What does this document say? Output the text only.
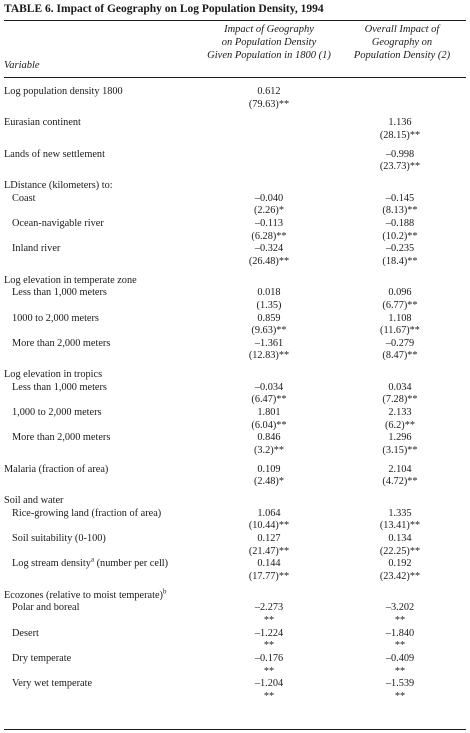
TABLE 6. Impact of Geography on Log Population Density, 1994
Impact of Geography
on Population Density
Given Population in 1800 (1)
Overall Impact of
Geography on
Population Density (2)
Variable
Log population density 1800	0.612	
	(79.63)**	

Eurasian continent		1.136
		(28.15)**

Lands of new settlement		–0.998
		(23.73)**

LDistance (kilometers) to:		
Coast	–0.040	–0.145
	(2.26)*	(8.13)**
Ocean-navigable river	–0.113	–0.188
	(6.28)**	(10.2)**
Inland river	–0.324	–0.235
	(26.48)**	(18.4)**

Log elevation in temperate zone		
Less than 1,000 meters	0.018	0.096
	(1.35)	(6.77)**
1000 to 2,000 meters	0.859	1.108
	(9.63)**	(11.67)**
More than 2,000 meters	–1.361	–0.279
	(12.83)**	(8.47)**

Log elevation in tropics		
Less than 1,000 meters	–0.034	0.034
	(6.47)**	(7.28)**
1,000 to 2,000 meters	1.801	2.133
	(6.04)**	(6.2)**
More than 2,000 meters	0.846	1.296
	(3.2)**	(3.15)**

Malaria (fraction of area)	0.109	2.104
	(2.48)*	(4.72)**

Soil and water		
Rice-growing land (fraction of area)	1.064	1.335
	(10.44)**	(13.41)**
Soil suitability (0-100)	0.127	0.134
	(21.47)**	(22.25)**
Log stream density$^a$ (number per cell)	0.144	0.192
	(17.77)**	(23.42)**

Ecozones (relative to moist temperate)$^b$		
Polar and boreal	–2.273	–3.202
	**	**
Desert	–1.224	–1.840
	**	**
Dry temperate	–0.176	–0.409
	**	**
Very wet temperate	–1.204	–1.539
	**	**
